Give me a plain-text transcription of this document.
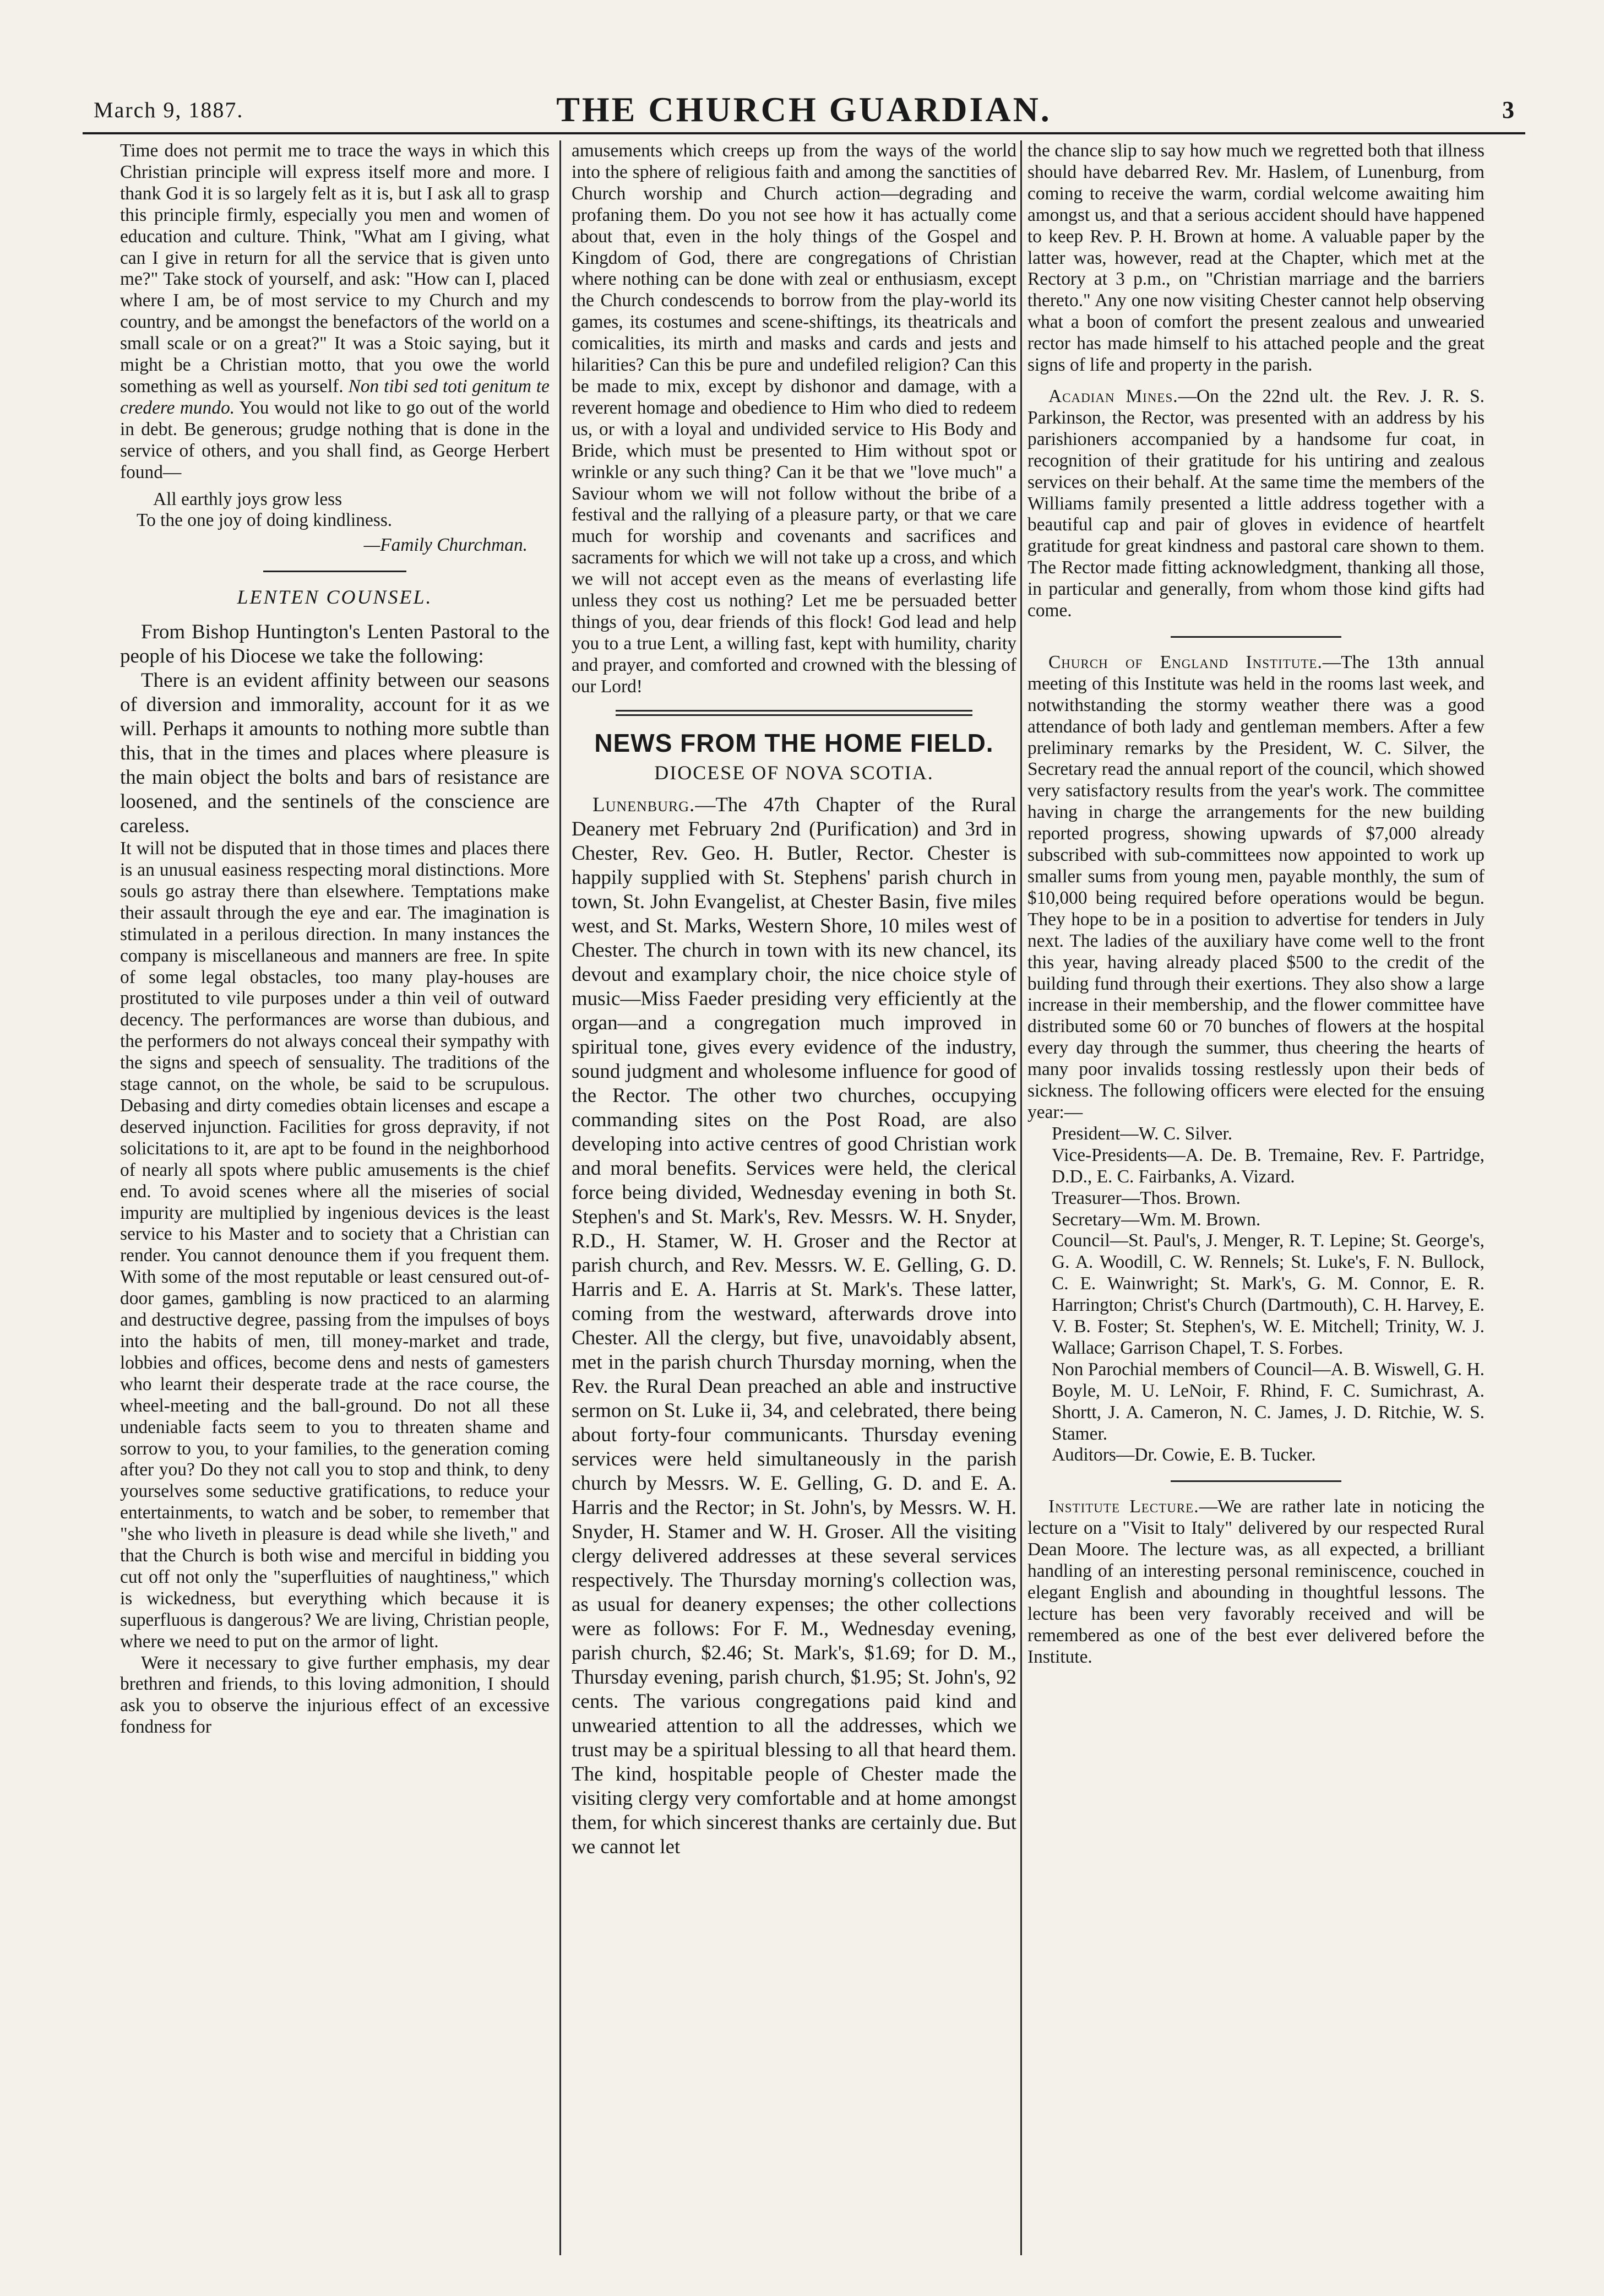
March 9, 1887.	THE CHURCH GUARDIAN.	3

Time does not permit me to trace the ways in which this Christian principle will express itself more and more. I thank God it is so largely felt as it is, but I ask all to grasp this principle firmly, especially you men and women of education and culture. Think, "What am I giving, what can I give in return for all the service that is given unto me?" Take stock of yourself, and ask: "How can I, placed where I am, be of most service to my Church and my country, and be amongst the benefactors of the world on a small scale or on a great?" It was a Stoic saying, but it might be a Christian motto, that you owe the world something as well as yourself. Non tibi sed toti genitum te credere mundo. You would not like to go out of the world in debt. Be generous; grudge nothing that is done in the service of others, and you shall find, as George Herbert found—

All earthly joys grow less
To the one joy of doing kindliness.
—Family Churchman.
LENTEN COUNSEL.

From Bishop Huntington's Lenten Pastoral to the people of his Diocese we take the following:

There is an evident affinity between our seasons of diversion and immorality, account for it as we will. Perhaps it amounts to nothing more subtle than this, that in the times and places where pleasure is the main object the bolts and bars of resistance are loosened, and the sentinels of the conscience are careless.

It will not be disputed that in those times and places there is an unusual easiness respecting moral distinctions. More souls go astray there than elsewhere. Temptations make their assault through the eye and ear. The imagination is stimulated in a perilous direction. In many instances the company is miscellaneous and manners are free. In spite of some legal obstacles, too many play-houses are prostituted to vile purposes under a thin veil of outward decency. The performances are worse than dubious, and the performers do not always conceal their sympathy with the signs and speech of sensuality. The traditions of the stage cannot, on the whole, be said to be scrupulous. Debasing and dirty comedies obtain licenses and escape a deserved injunction. Facilities for gross depravity, if not solicitations to it, are apt to be found in the neighborhood of nearly all spots where public amusements is the chief end. To avoid scenes where all the miseries of social impurity are multiplied by ingenious devices is the least service to his Master and to society that a Christian can render. You cannot denounce them if you frequent them. With some of the most reputable or least censured out-of-door games, gambling is now practiced to an alarming and destructive degree, passing from the impulses of boys into the habits of men, till money-market and trade, lobbies and offices, become dens and nests of gamesters who learnt their desperate trade at the race course, the wheel-meeting and the ball-ground. Do not all these undeniable facts seem to you to threaten shame and sorrow to you, to your families, to the generation coming after you? Do they not call you to stop and think, to deny yourselves some seductive gratifications, to reduce your entertainments, to watch and be sober, to remember that "she who liveth in pleasure is dead while she liveth," and that the Church is both wise and merciful in bidding you cut off not only the "superfluities of naughtiness," which is wickedness, but everything which because it is superfluous is dangerous? We are living, Christian people, where we need to put on the armor of light.

Were it necessary to give further emphasis, my dear brethren and friends, to this loving admonition, I should ask you to observe the injurious effect of an excessive fondness for

amusements which creeps up from the ways of the world into the sphere of religious faith and among the sanctities of Church worship and Church action—degrading and profaning them. Do you not see how it has actually come about that, even in the holy things of the Gospel and Kingdom of God, there are congregations of Christian where nothing can be done with zeal or enthusiasm, except the Church condescends to borrow from the play-world its games, its costumes and scene-shiftings, its theatricals and comicalities, its mirth and masks and cards and jests and hilarities? Can this be pure and undefiled religion? Can this be made to mix, except by dishonor and damage, with a reverent homage and obedience to Him who died to redeem us, or with a loyal and undivided service to His Body and Bride, which must be presented to Him without spot or wrinkle or any such thing? Can it be that we "love much" a Saviour whom we will not follow without the bribe of a festival and the rallying of a pleasure party, or that we care much for worship and covenants and sacrifices and sacraments for which we will not take up a cross, and which we will not accept even as the means of everlasting life unless they cost us nothing? Let me be persuaded better things of you, dear friends of this flock! God lead and help you to a true Lent, a willing fast, kept with humility, charity and prayer, and comforted and crowned with the blessing of our Lord!

NEWS FROM THE HOME FIELD.
DIOCESE OF NOVA SCOTIA.

Lunenburg.—The 47th Chapter of the Rural Deanery met February 2nd (Purification) and 3rd in Chester, Rev. Geo. H. Butler, Rector. Chester is happily supplied with St. Stephens' parish church in town, St. John Evangelist, at Chester Basin, five miles west, and St. Marks, Western Shore, 10 miles west of Chester. The church in town with its new chancel, its devout and examplary choir, the nice choice style of music—Miss Faeder presiding very efficiently at the organ—and a congregation much improved in spiritual tone, gives every evidence of the industry, sound judgment and wholesome influence for good of the Rector. The other two churches, occupying commanding sites on the Post Road, are also developing into active centres of good Christian work and moral benefits. Services were held, the clerical force being divided, Wednesday evening in both St. Stephen's and St. Mark's, Rev. Messrs. W. H. Snyder, R.D., H. Stamer, W. H. Groser and the Rector at parish church, and Rev. Messrs. W. E. Gelling, G. D. Harris and E. A. Harris at St. Mark's. These latter, coming from the westward, afterwards drove into Chester. All the clergy, but five, unavoidably absent, met in the parish church Thursday morning, when the Rev. the Rural Dean preached an able and instructive sermon on St. Luke ii, 34, and celebrated, there being about forty-four communicants. Thursday evening services were held simultaneously in the parish church by Messrs. W. E. Gelling, G. D. and E. A. Harris and the Rector; in St. John's, by Messrs. W. H. Snyder, H. Stamer and W. H. Groser. All the visiting clergy delivered addresses at these several services respectively. The Thursday morning's collection was, as usual for deanery expenses; the other collections were as follows: For F. M., Wednesday evening, parish church, $2.46; St. Mark's, $1.69; for D. M., Thursday evening, parish church, $1.95; St. John's, 92 cents. The various congregations paid kind and unwearied attention to all the addresses, which we trust may be a spiritual blessing to all that heard them. The kind, hospitable people of Chester made the visiting clergy very comfortable and at home amongst them, for which sincerest thanks are certainly due. But we cannot let

the chance slip to say how much we regretted both that illness should have debarred Rev. Mr. Haslem, of Lunenburg, from coming to receive the warm, cordial welcome awaiting him amongst us, and that a serious accident should have happened to keep Rev. P. H. Brown at home. A valuable paper by the latter was, however, read at the Chapter, which met at the Rectory at 3 p.m., on "Christian marriage and the barriers thereto." Any one now visiting Chester cannot help observing what a boon of comfort the present zealous and unwearied rector has made himself to his attached people and the great signs of life and property in the parish.

Acadian Mines.—On the 22nd ult. the Rev. J. R. S. Parkinson, the Rector, was presented with an address by his parishioners accompanied by a handsome fur coat, in recognition of their gratitude for his untiring and zealous services on their behalf. At the same time the members of the Williams family presented a little address together with a beautiful cap and pair of gloves in evidence of heartfelt gratitude for great kindness and pastoral care shown to them. The Rector made fitting acknowledgment, thanking all those, in particular and generally, from whom those kind gifts had come.

Church of England Institute.—The 13th annual meeting of this Institute was held in the rooms last week, and notwithstanding the stormy weather there was a good attendance of both lady and gentleman members. After a few preliminary remarks by the President, W. C. Silver, the Secretary read the annual report of the council, which showed very satisfactory results from the year's work. The committee having in charge the arrangements for the new building reported progress, showing upwards of $7,000 already subscribed with sub-committees now appointed to work up smaller sums from young men, payable monthly, the sum of $10,000 being required before operations would be begun. They hope to be in a position to advertise for tenders in July next. The ladies of the auxiliary have come well to the front this year, having already placed $500 to the credit of the building fund through their exertions. They also show a large increase in their membership, and the flower committee have distributed some 60 or 70 bunches of flowers at the hospital every day through the summer, thus cheering the hearts of many poor invalids tossing restlessly upon their beds of sickness. The following officers were elected for the ensuing year:—

President—W. C. Silver.

Vice-Presidents—A. De. B. Tremaine, Rev. F. Partridge, D.D., E. C. Fairbanks, A. Vizard.

Treasurer—Thos. Brown.

Secretary—Wm. M. Brown.

Council—St. Paul's, J. Menger, R. T. Lepine; St. George's, G. A. Woodill, C. W. Rennels; St. Luke's, F. N. Bullock, C. E. Wainwright; St. Mark's, G. M. Connor, E. R. Harrington; Christ's Church (Dartmouth), C. H. Harvey, E. V. B. Foster; St. Stephen's, W. E. Mitchell; Trinity, W. J. Wallace; Garrison Chapel, T. S. Forbes.

Non Parochial members of Council—A. B. Wiswell, G. H. Boyle, M. U. LeNoir, F. Rhind, F. C. Sumichrast, A. Shortt, J. A. Cameron, N. C. James, J. D. Ritchie, W. S. Stamer.

Auditors—Dr. Cowie, E. B. Tucker.

Institute Lecture.—We are rather late in noticing the lecture on a "Visit to Italy" delivered by our respected Rural Dean Moore. The lecture was, as all expected, a brilliant handling of an interesting personal reminiscence, couched in elegant English and abounding in thoughtful lessons. The lecture has been very favorably received and will be remembered as one of the best ever delivered before the Institute.
